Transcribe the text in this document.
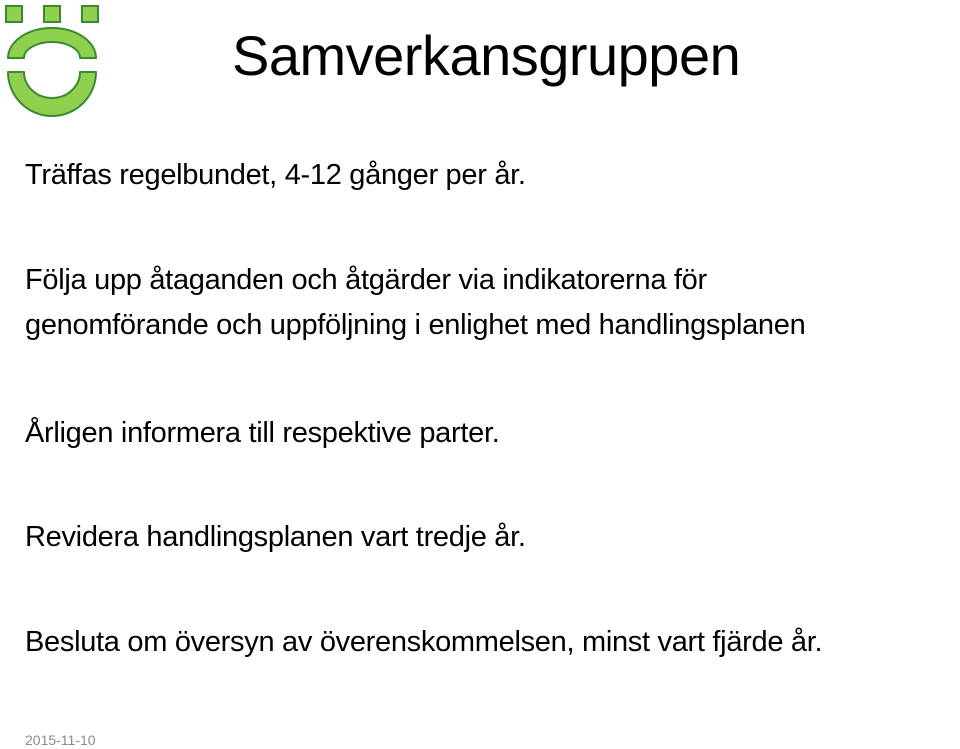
Samverkansgruppen
Träffas regelbundet, 4-12 gånger per år.
Följa upp åtaganden och åtgärder via indikatorerna för
genomförande och uppföljning i enlighet med handlingsplanen
Årligen informera till respektive parter.
Revidera handlingsplanen vart tredje år.
Besluta om översyn av överenskommelsen, minst vart fjärde år.
2015-11-10
